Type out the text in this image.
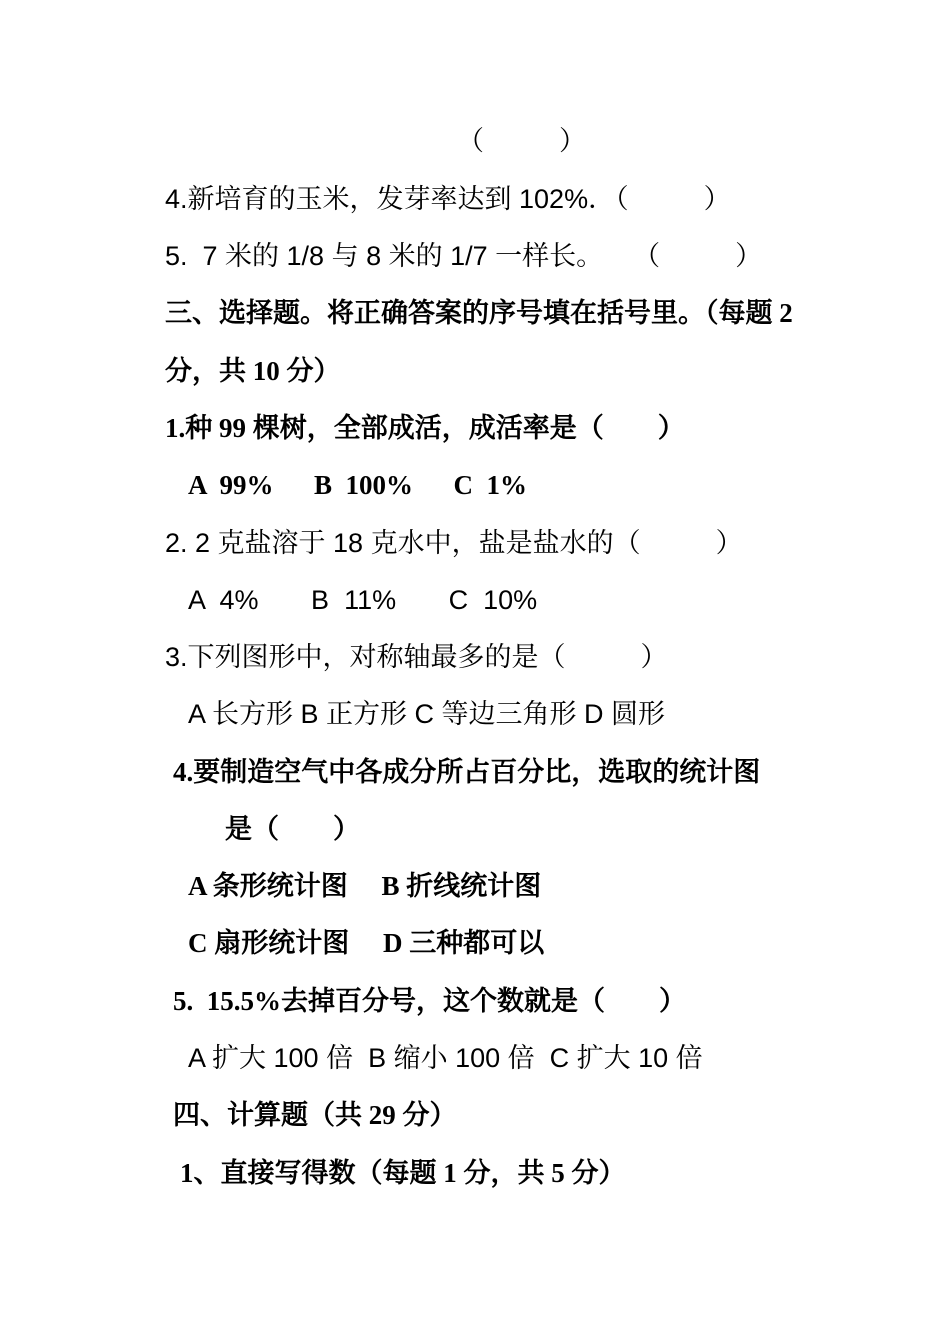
（          ）
4.新培育的玉米，发芽率达到 102%．（          ）
5.  7 米的 1/8 与 8 米的 1/7 一样长。    （          ）
三、选择题。将正确答案的序号填在括号里。（每题 2
分，共 10 分）
1.种 99 棵树，全部成活，成活率是（        ）
A  99%      B  100%      C  1%
2. 2 克盐溶于 18 克水中，盐是盐水的（          ）
A  4%       B  11%       C  10%
3.下列图形中，对称轴最多的是（          ）
A 长方形 B 正方形 C 等边三角形 D 圆形
4.要制造空气中各成分所占百分比，选取的统计图
是（        ）
A 条形统计图     B 折线统计图
C 扇形统计图     D 三种都可以
5.  15.5%去掉百分号，这个数就是（        ）
A 扩大 100 倍  B 缩小 100 倍  C 扩大 10 倍
四、计算题（共 29 分）
1、直接写得数（每题 1 分，共 5 分）
